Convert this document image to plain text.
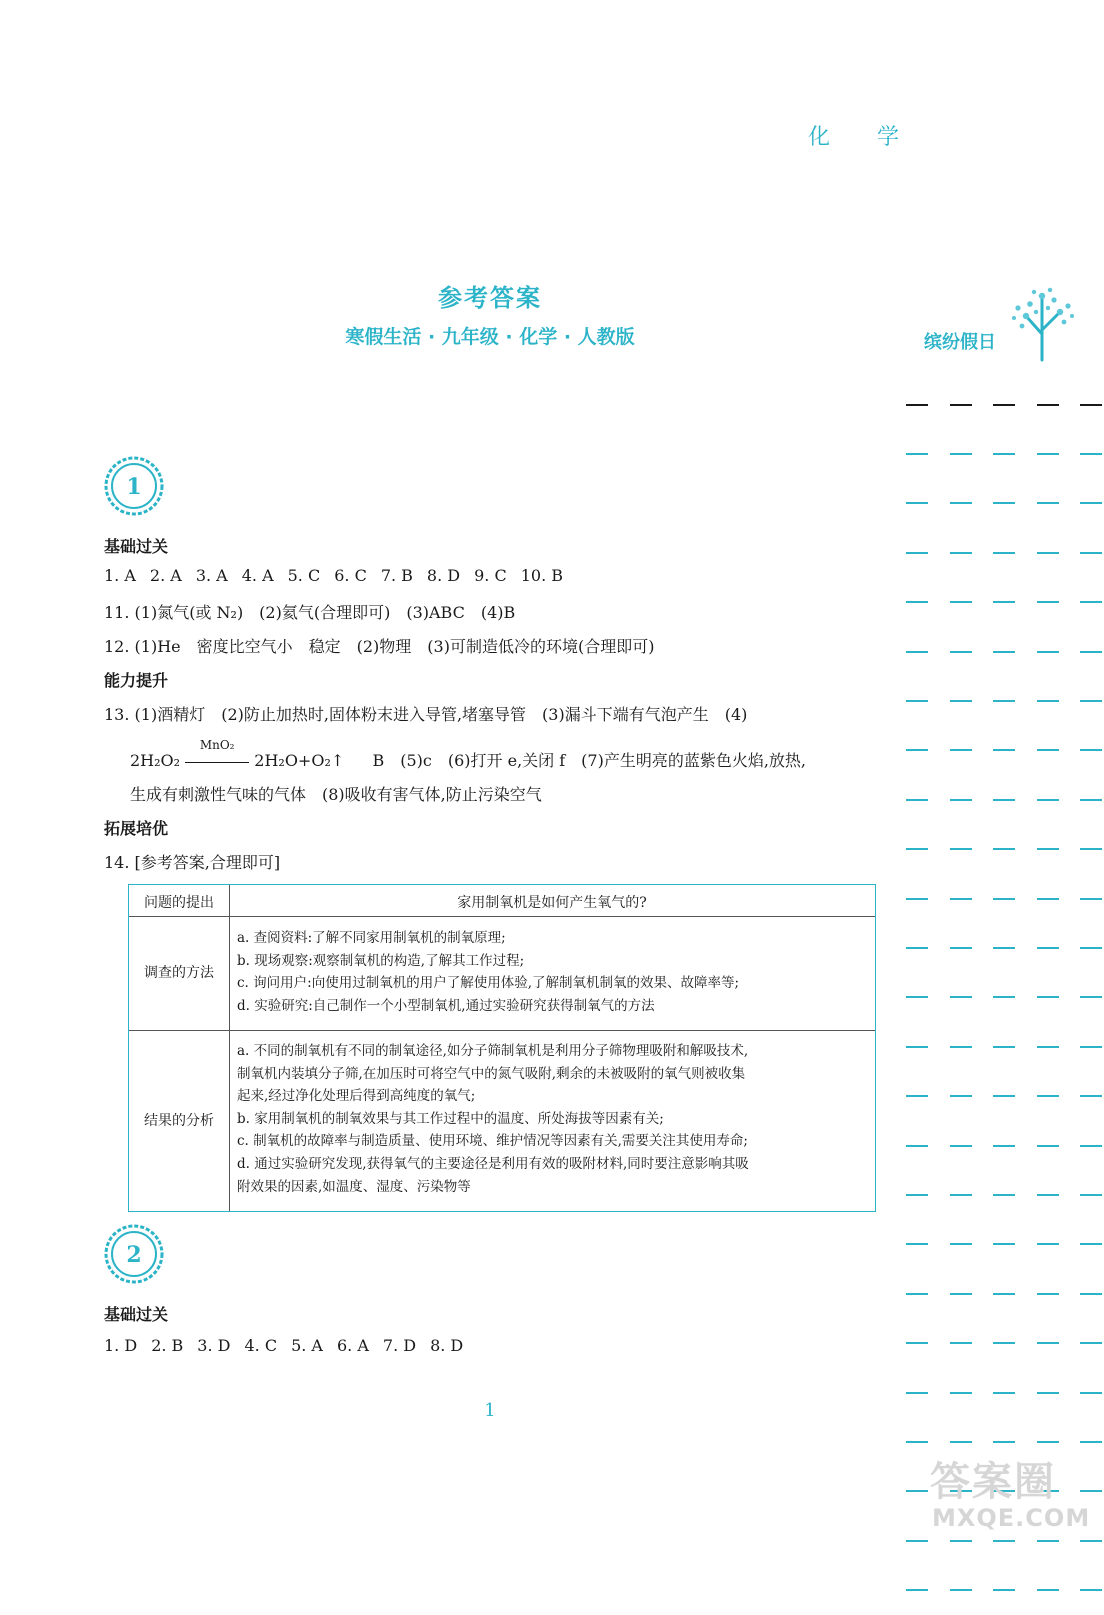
化 学
参考答案
寒假生活 · 九年级 · 化学 · 人教版	缤纷假日
1
基础过关
1. A 2. A 3. A 4. A 5. C 6. C 7. B 8. D 9. C 10. B
11. (1)氮气(或 N₂)　(2)氦气(合理即可)　(3)ABC　(4)B
12. (1)He　密度比空气小　稳定　(2)物理　(3)可制造低冷的环境(合理即可)
能力提升
13. (1)酒精灯　(2)防止加热时,固体粉末进入导管,堵塞导管　(3)漏斗下端有气泡产生　(4)
2H₂O₂
MnO₂
2H₂O+O₂↑ B　(5)c　(6)打开 e,关闭 f　(7)产生明亮的蓝紫色火焰,放热,
生成有刺激性气味的气体　(8)吸收有害气体,防止污染空气
拓展培优
14. [参考答案,合理即可]
问题的提出	家用制氧机是如何产生氧气的?
调查的方法
a. 查阅资料:了解不同家用制氧机的制氧原理;
b. 现场观察:观察制氧机的构造,了解其工作过程;
c. 询问用户:向使用过制氧机的用户了解使用体验,了解制氧机制氧的效果、故障率等;
d. 实验研究:自己制作一个小型制氧机,通过实验研究获得制氧气的方法
结果的分析
a. 不同的制氧机有不同的制氧途径,如分子筛制氧机是利用分子筛物理吸附和解吸技术,
制氧机内装填分子筛,在加压时可将空气中的氮气吸附,剩余的未被吸附的氧气则被收集
起来,经过净化处理后得到高纯度的氧气;
b. 家用制氧机的制氧效果与其工作过程中的温度、所处海拔等因素有关;
c. 制氧机的故障率与制造质量、使用环境、维护情况等因素有关,需要关注其使用寿命;
d. 通过实验研究发现,获得氧气的主要途径是利用有效的吸附材料,同时要注意影响其吸
附效果的因素,如温度、湿度、污染物等
2
基础过关
1. D 2. B 3. D 4. C 5. A 6. A 7. D 8. D
1
答案圈
MXQE.COM
